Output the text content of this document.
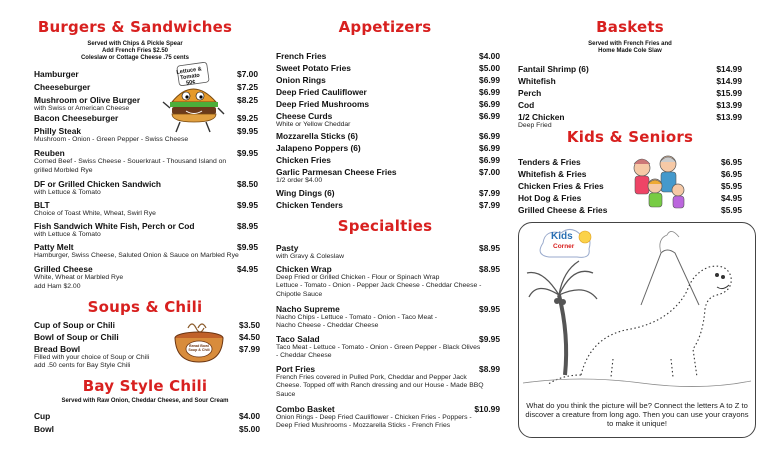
Burgers & Sandwiches
Served with Chips & Pickle Spear
Add French Fries $2.50
Coleslaw or Cottage Cheese .75 cents
Lettuce & Tomato 50¢
Hamburger	$7.00
Cheeseburger	$7.25
Mushroom or Olive Burger	$8.25
with Swiss or American Cheese
Bacon Cheeseburger	$9.25
Philly Steak	$9.95
Mushroom - Onion - Green Pepper - Swiss Cheese
Reuben	$9.95
Corned Beef - Swiss Cheese - Souerkraut - Thousand Island on
grilled Morbled Rye
DF or Grilled Chicken Sandwich	$8.50
with Lettuce & Tomato
BLT	$9.95
Choice of Toast White, Wheat, Swirl Rye
Fish Sandwich White Fish, Perch or Cod	$8.95
with Lettuce & Tomato
Patty Melt	$9.95
Hamburger, Swiss Cheese, Saluted Onion & Sauce on Marbled Rye
Grilled Cheese	$4.95
White, Wheat or Marbled Rye
add Ham $2.00
Soups & Chili
Cup of Soup or Chili	$3.50
Bowl of Soup or Chili	$4.50
Bread Bowl	$7.99
Filled with your choice of Soup or Chili
add .50 cents for Bay Style Chili
Bread Bowl Soup & Chili
Bay Style Chili
Served with Raw Onion, Cheddar Cheese, and Sour Cream
Cup	$4.00
Bowl	$5.00
Appetizers
French Fries	$4.00
Sweet Potato Fries	$5.00
Onion Rings	$6.99
Deep Fried Cauliflower	$6.99
Deep Fried Mushrooms	$6.99
Cheese Curds	$6.99
White or Yellow Cheddar
Mozzarella Sticks (6)	$6.99
Jalapeno Poppers (6)	$6.99
Chicken Fries	$6.99
Garlic Parmesan Cheese Fries	$7.00
1/2 order $4.00
Wing Dings (6)	$7.99
Chicken Tenders	$7.99
Specialties
Pasty	$8.95
with Gravy & Coleslaw
Chicken Wrap	$8.95
Deep Fried or Grilled Chicken - Flour or Spinach Wrap
Lettuce - Tomato - Onion - Pepper Jack Cheese - Cheddar Cheese -
Chipotle Sauce
Nacho Supreme	$9.95
Nacho Chips - Lettuce - Tomato - Onion - Taco Meat -
Nacho Cheese - Cheddar Cheese
Taco Salad	$9.95
Taco Meat - Lettuce - Tomato - Onion - Green Pepper - Black Olives
- Cheddar Cheese
Port Fries	$8.99
French Fries covered in Pulled Pork, Cheddar and Pepper Jack
Cheese. Topped off with Ranch dressing and our House - Made BBQ
Sauce
Combo Basket	$10.99
Onion Rings - Deep Fried Cauliflower - Chicken Fries - Poppers -
Deep Fried Mushrooms - Mozzarella Sticks - French Fries
Baskets
Served with French Fries and
Home Made Cole Slaw
Fantail Shrimp (6)	$14.99
Whitefish	$14.99
Perch	$15.99
Cod	$13.99
1/2 Chicken	$13.99
Deep Fried
Kids & Seniors
Tenders & Fries	$6.95
Whitefish & Fries	$6.95
Chicken Fries & Fries	$5.95
Hot Dog & Fries	$4.95
Grilled Cheese & Fries	$5.95
Kids
Corner
What do you think the picture will be? Connect the letters A to Z to discover a creature from long ago. Then you can use your crayons to make it unique!
